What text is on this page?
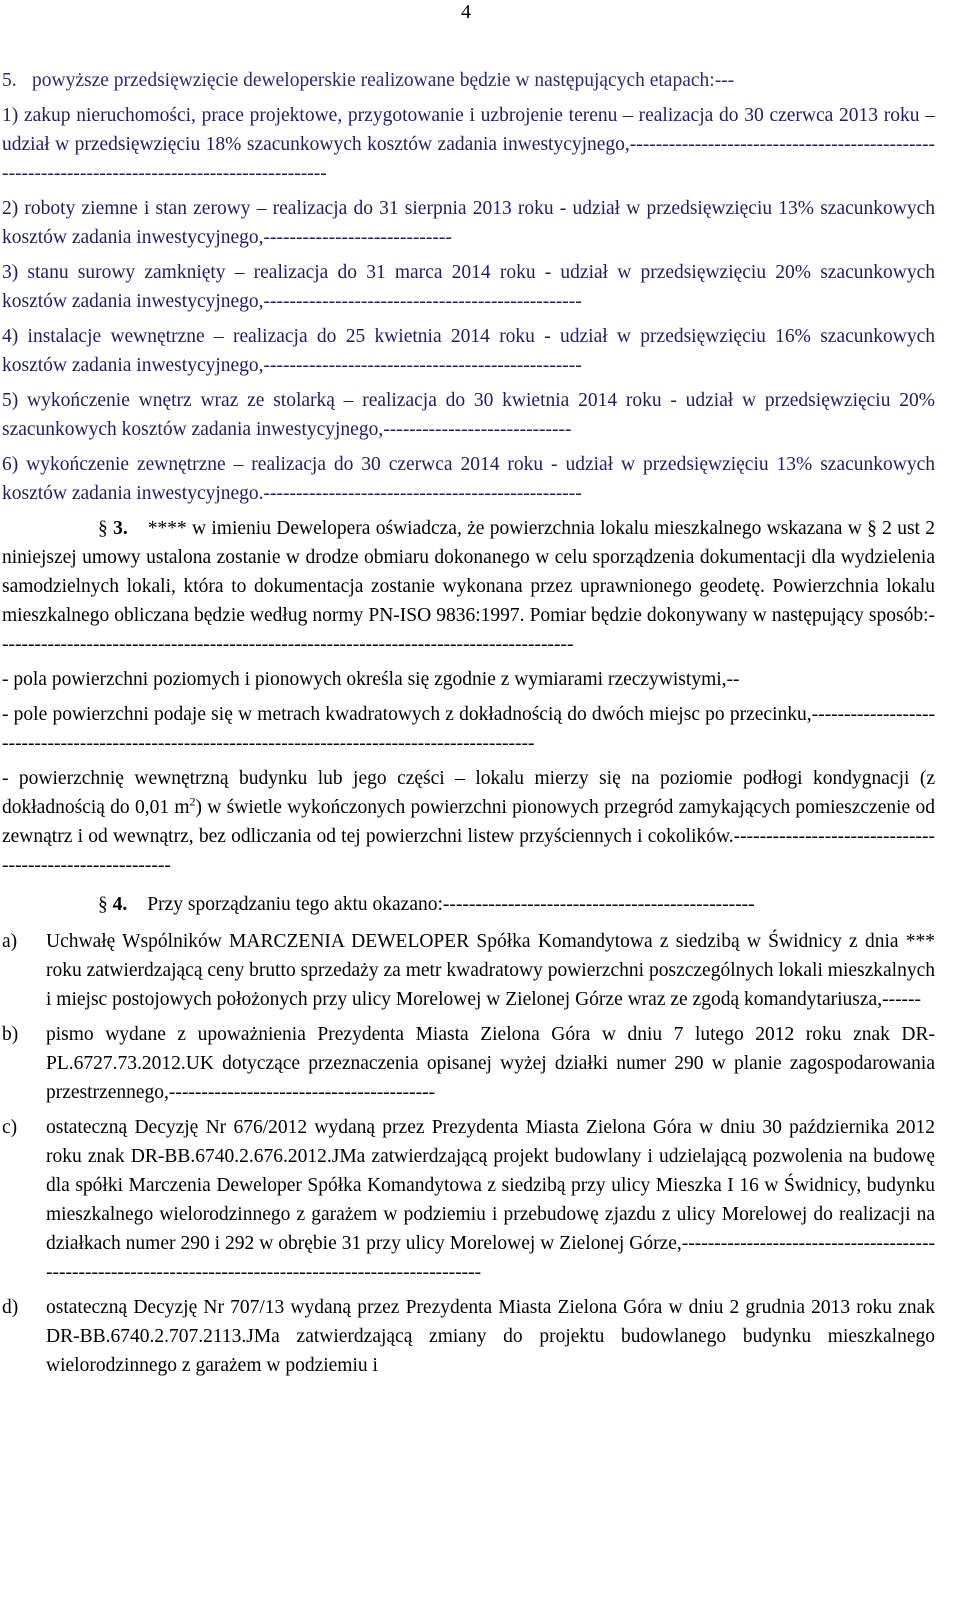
4

5. powyższe przedsięwzięcie deweloperskie realizowane będzie w następujących etapach:---

1) zakup nieruchomości, prace projektowe, przygotowanie i uzbrojenie terenu – realizacja do 30 czerwca 2013 roku – udział w przedsięwzięciu 18% szacunkowych kosztów zadania inwestycyjnego,-------------------------------------------------------------------------------------------------

2) roboty ziemne i stan zerowy – realizacja do 31 sierpnia 2013 roku - udział w przedsięwzięciu 13% szacunkowych kosztów zadania inwestycyjnego,-----------------------------

3) stanu surowy zamknięty – realizacja do 31 marca 2014 roku - udział w przedsięwzięciu 20% szacunkowych kosztów zadania inwestycyjnego,-------------------------------------------------

4) instalacje wewnętrzne – realizacja do 25 kwietnia 2014 roku - udział w przedsięwzięciu 16% szacunkowych kosztów zadania inwestycyjnego,-------------------------------------------------

5) wykończenie wnętrz wraz ze stolarką – realizacja do 30 kwietnia 2014 roku - udział w przedsięwzięciu 20% szacunkowych kosztów zadania inwestycyjnego,-----------------------------

6) wykończenie zewnętrzne – realizacja do 30 czerwca 2014 roku - udział w przedsięwzięciu 13% szacunkowych kosztów zadania inwestycyjnego.-------------------------------------------------

§ 3. **** w imieniu Dewelopera oświadcza, że powierzchnia lokalu mieszkalnego wskazana w § 2 ust 2 niniejszej umowy ustalona zostanie w drodze obmiaru dokonanego w celu sporządzenia dokumentacji dla wydzielenia samodzielnych lokali, która to dokumentacja zostanie wykonana przez uprawnionego geodetę. Powierzchnia lokalu mieszkalnego obliczana będzie według normy PN-ISO 9836:1997. Pomiar będzie dokonywany w następujący sposób:-----------------------------------------------------------------------------------------

- pola powierzchni poziomych i pionowych określa się zgodnie z wymiarami rzeczywistymi,--

- pole powierzchni podaje się w metrach kwadratowych z dokładnością do dwóch miejsc po przecinku,-----------------------------------------------------------------------------------------------------

- powierzchnię wewnętrzną budynku lub jego części – lokalu mierzy się na poziomie podłogi kondygnacji (z dokładnością do 0,01 $m^2$) w świetle wykończonych powierzchni pionowych przegród zamykających pomieszczenie od zewnątrz i od wewnątrz, bez odliczania od tej powierzchni listew przyściennych i cokolików.---------------------------------------------------------

§ 4. Przy sporządzaniu tego aktu okazano:------------------------------------------------

a)	Uchwałę Wspólników MARCZENIA DEWELOPER Spółka Komandytowa z siedzibą w Świdnicy z dnia *** roku zatwierdzającą ceny brutto sprzedaży za metr kwadratowy powierzchni poszczególnych lokali mieszkalnych i miejsc postojowych położonych przy ulicy Morelowej w Zielonej Górze wraz ze zgodą komandytariusza,------
b)	pismo wydane z upoważnienia Prezydenta Miasta Zielona Góra w dniu 7 lutego 2012 roku znak DR-PL.6727.73.2012.UK dotyczące przeznaczenia opisanej wyżej działki numer 290 w planie zagospodarowania przestrzennego,-----------------------------------------
c)	ostateczną Decyzję Nr 676/2012 wydaną przez Prezydenta Miasta Zielona Góra w dniu 30 października 2012 roku znak DR-BB.6740.2.676.2012.JMa zatwierdzającą projekt budowlany i udzielającą pozwolenia na budowę dla spółki Marczenia Deweloper Spółka Komandytowa z siedzibą przy ulicy Mieszka I 16 w Świdnicy, budynku mieszkalnego wielorodzinnego z garażem w podziemiu i przebudowę zjazdu z ulicy Morelowej do realizacji na działkach numer 290 i 292 w obrębie 31 przy ulicy Morelowej w Zielonej Górze,----------------------------------------------------------------------------------------------------------
d)	ostateczną Decyzję Nr 707/13 wydaną przez Prezydenta Miasta Zielona Góra w dniu 2 grudnia 2013 roku znak DR-BB.6740.2.707.2113.JMa zatwierdzającą zmiany do projektu budowlanego budynku mieszkalnego wielorodzinnego z garażem w podziemiu i
